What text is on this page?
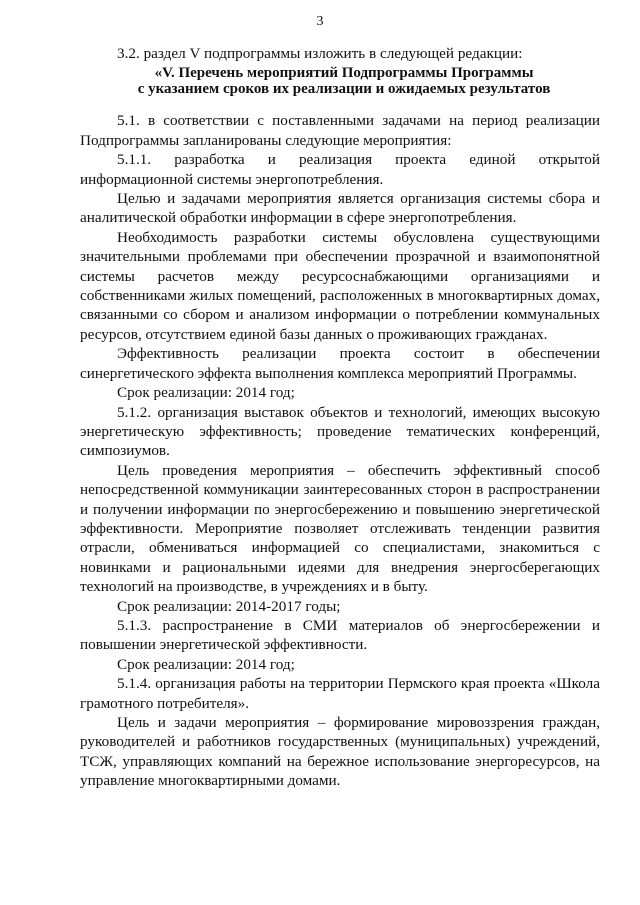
3

3.2. раздел V подпрограммы изложить в следующей редакции:

«V. Перечень мероприятий Подпрограммы Программы

с указанием сроков их реализации и ожидаемых результатов

5.1. в соответствии с поставленными задачами на период реализации Подпрограммы запланированы следующие мероприятия:

5.1.1. разработка и реализация проекта единой открытой информационной системы энергопотребления.

Целью и задачами мероприятия является организация системы сбора и аналитической обработки информации в сфере энергопотребления.

Необходимость разработки системы обусловлена существующими значительными проблемами при обеспечении прозрачной и взаимопонятной системы расчетов между ресурсоснабжающими организациями и собственниками жилых помещений, расположенных в многоквартирных домах, связанными со сбором и анализом информации о потреблении коммунальных ресурсов, отсутствием единой базы данных о проживающих гражданах.

Эффективность реализации проекта состоит в обеспечении синергетического эффекта выполнения комплекса мероприятий Программы.

Срок реализации: 2014 год;

5.1.2. организация выставок объектов и технологий, имеющих высокую энергетическую эффективность; проведение тематических конференций, симпозиумов.

Цель проведения мероприятия – обеспечить эффективный способ непосредственной коммуникации заинтересованных сторон в распространении и получении информации по энергосбережению и повышению энергетической эффективности. Мероприятие позволяет отслеживать тенденции развития отрасли, обмениваться информацией со специалистами, знакомиться с новинками и рациональными идеями для внедрения энергосберегающих технологий на производстве, в учреждениях и в быту.

Срок реализации: 2014-2017 годы;

5.1.3. распространение в СМИ материалов об энергосбережении и повышении энергетической эффективности.

Срок реализации: 2014 год;

5.1.4. организация работы на территории Пермского края проекта «Школа грамотного потребителя».

Цель и задачи мероприятия – формирование мировоззрения граждан, руководителей и работников государственных (муниципальных) учреждений, ТСЖ, управляющих компаний на бережное использование энергоресурсов, на управление многоквартирными домами.
